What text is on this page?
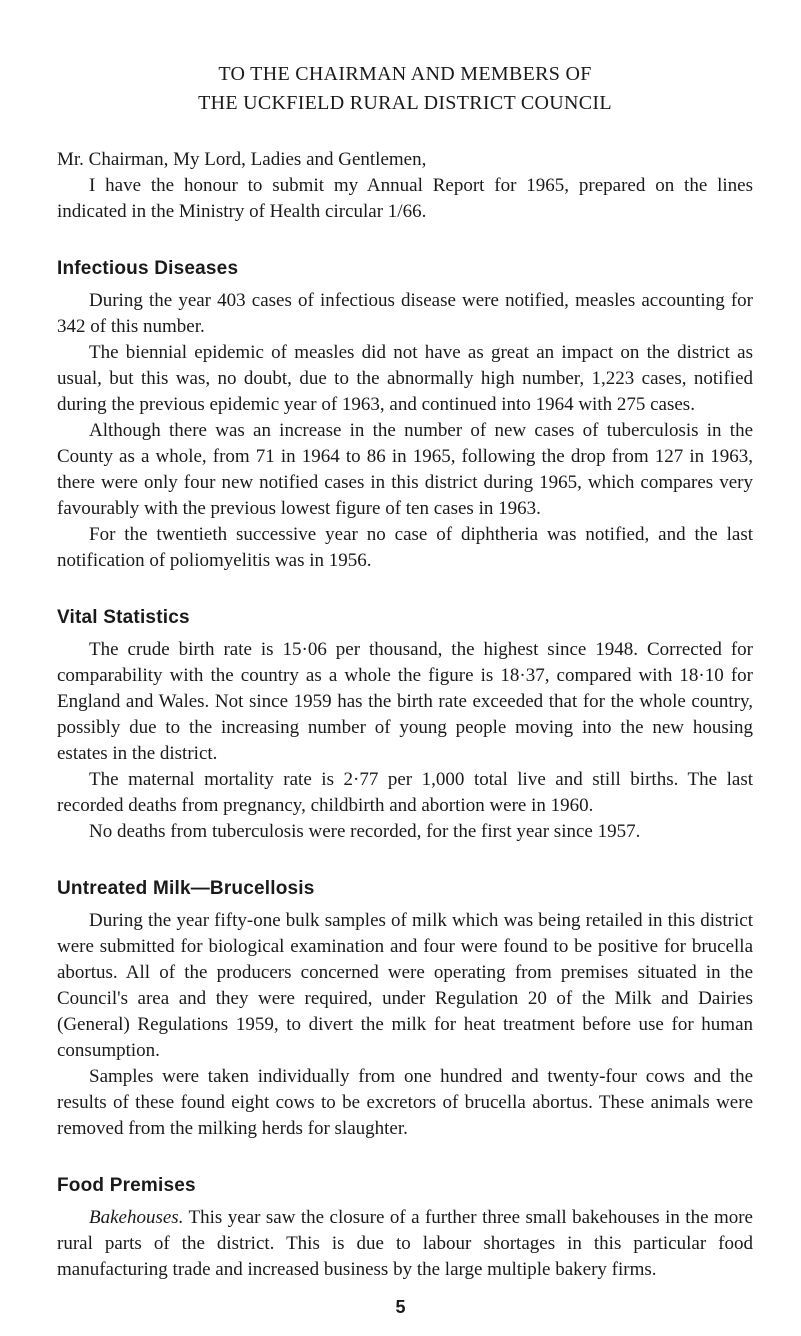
TO THE CHAIRMAN AND MEMBERS OF

THE UCKFIELD RURAL DISTRICT COUNCIL

Mr. Chairman, My Lord, Ladies and Gentlemen,

I have the honour to submit my Annual Report for 1965, prepared on the lines indicated in the Ministry of Health circular 1/66.

Infectious Diseases

During the year 403 cases of infectious disease were notified, measles accounting for 342 of this number.

The biennial epidemic of measles did not have as great an impact on the district as usual, but this was, no doubt, due to the abnormally high number, 1,223 cases, notified during the previous epidemic year of 1963, and continued into 1964 with 275 cases.

Although there was an increase in the number of new cases of tuberculosis in the County as a whole, from 71 in 1964 to 86 in 1965, following the drop from 127 in 1963, there were only four new notified cases in this district during 1965, which compares very favourably with the previous lowest figure of ten cases in 1963.

For the twentieth successive year no case of diphtheria was notified, and the last notification of poliomyelitis was in 1956.

Vital Statistics

The crude birth rate is 15·06 per thousand, the highest since 1948. Corrected for comparability with the country as a whole the figure is 18·37, compared with 18·10 for England and Wales. Not since 1959 has the birth rate exceeded that for the whole country, possibly due to the increasing number of young people moving into the new housing estates in the district.

The maternal mortality rate is 2·77 per 1,000 total live and still births. The last recorded deaths from pregnancy, childbirth and abortion were in 1960.

No deaths from tuberculosis were recorded, for the first year since 1957.

Untreated Milk—Brucellosis

During the year fifty-one bulk samples of milk which was being retailed in this district were submitted for biological examination and four were found to be positive for brucella abortus. All of the producers concerned were operating from premises situated in the Council's area and they were required, under Regulation 20 of the Milk and Dairies (General) Regulations 1959, to divert the milk for heat treatment before use for human consumption.

Samples were taken individually from one hundred and twenty-four cows and the results of these found eight cows to be excretors of brucella abortus. These animals were removed from the milking herds for slaughter.

Food Premises

Bakehouses. This year saw the closure of a further three small bakehouses in the more rural parts of the district. This is due to labour shortages in this particular food manufacturing trade and increased business by the large multiple bakery firms.

5
